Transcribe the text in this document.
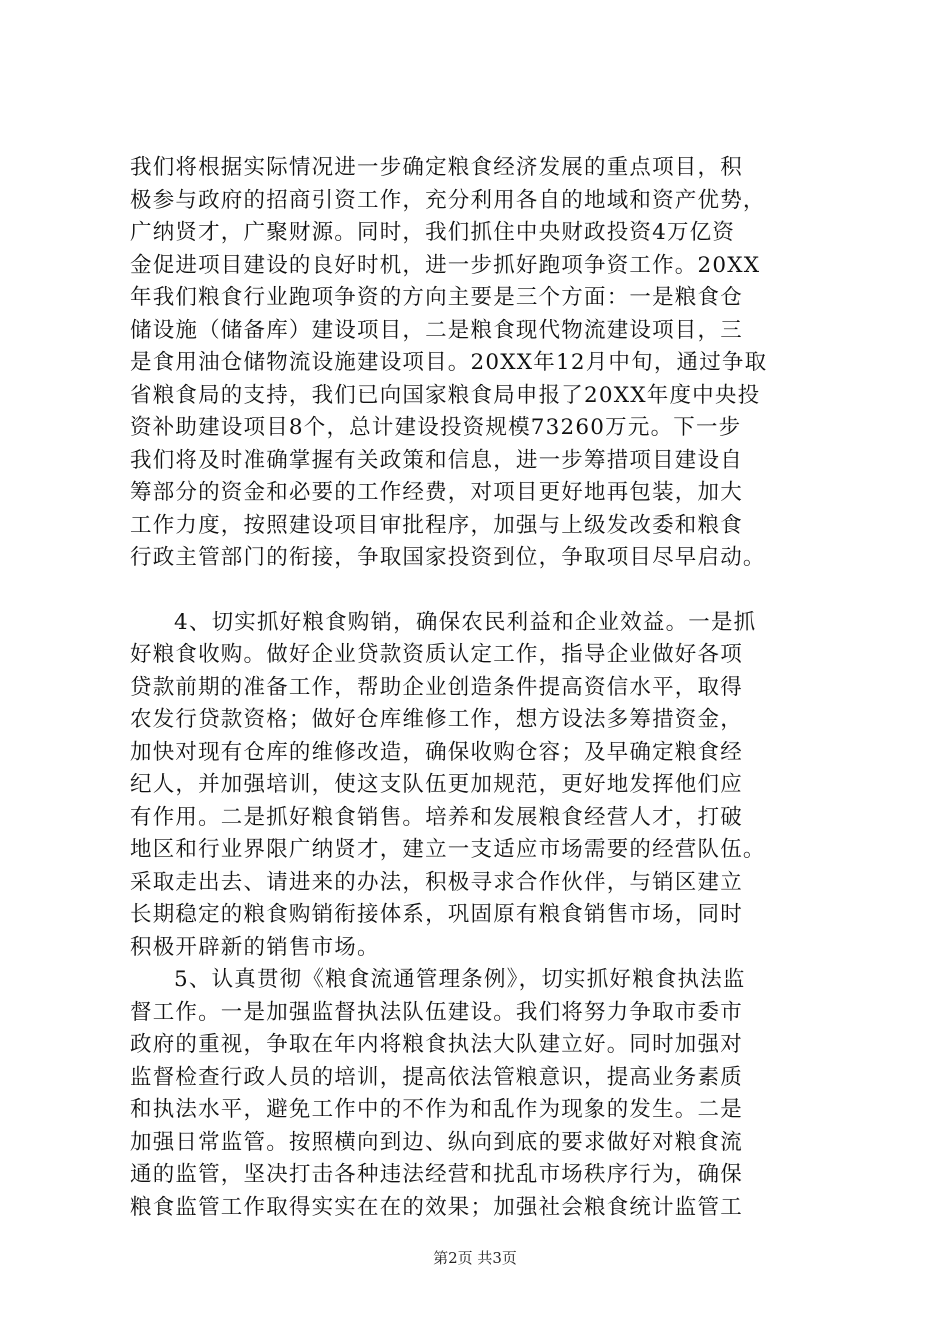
我们将根据实际情况进一步确定粮食经济发展的重点项目，积
极参与政府的招商引资工作，充分利用各自的地域和资产优势，
广纳贤才，广聚财源。同时，我们抓住中央财政投资4万亿资
金促进项目建设的良好时机，进一步抓好跑项争资工作。20XX
年我们粮食行业跑项争资的方向主要是三个方面：一是粮食仓
储设施（储备库）建设项目，二是粮食现代物流建设项目，三
是食用油仓储物流设施建设项目。20XX年12月中旬，通过争取
省粮食局的支持，我们已向国家粮食局申报了20XX年度中央投
资补助建设项目8个，总计建设投资规模73260万元。下一步
我们将及时准确掌握有关政策和信息，进一步筹措项目建设自
筹部分的资金和必要的工作经费，对项目更好地再包装，加大
工作力度，按照建设项目审批程序，加强与上级发改委和粮食
行政主管部门的衔接，争取国家投资到位，争取项目尽早启动。
4、切实抓好粮食购销，确保农民利益和企业效益。一是抓
好粮食收购。做好企业贷款资质认定工作，指导企业做好各项
贷款前期的准备工作，帮助企业创造条件提高资信水平，取得
农发行贷款资格；做好仓库维修工作，想方设法多筹措资金，
加快对现有仓库的维修改造，确保收购仓容；及早确定粮食经
纪人，并加强培训，使这支队伍更加规范，更好地发挥他们应
有作用。二是抓好粮食销售。培养和发展粮食经营人才，打破
地区和行业界限广纳贤才，建立一支适应市场需要的经营队伍。
采取走出去、请进来的办法，积极寻求合作伙伴，与销区建立
长期稳定的粮食购销衔接体系，巩固原有粮食销售市场，同时
积极开辟新的销售市场。
5、认真贯彻《粮食流通管理条例》，切实抓好粮食执法监
督工作。一是加强监督执法队伍建设。我们将努力争取市委市
政府的重视，争取在年内将粮食执法大队建立好。同时加强对
监督检查行政人员的培训，提高依法管粮意识，提高业务素质
和执法水平，避免工作中的不作为和乱作为现象的发生。二是
加强日常监管。按照横向到边、纵向到底的要求做好对粮食流
通的监管，坚决打击各种违法经营和扰乱市场秩序行为，确保
粮食监管工作取得实实在在的效果；加强社会粮食统计监管工
第2页 共3页
